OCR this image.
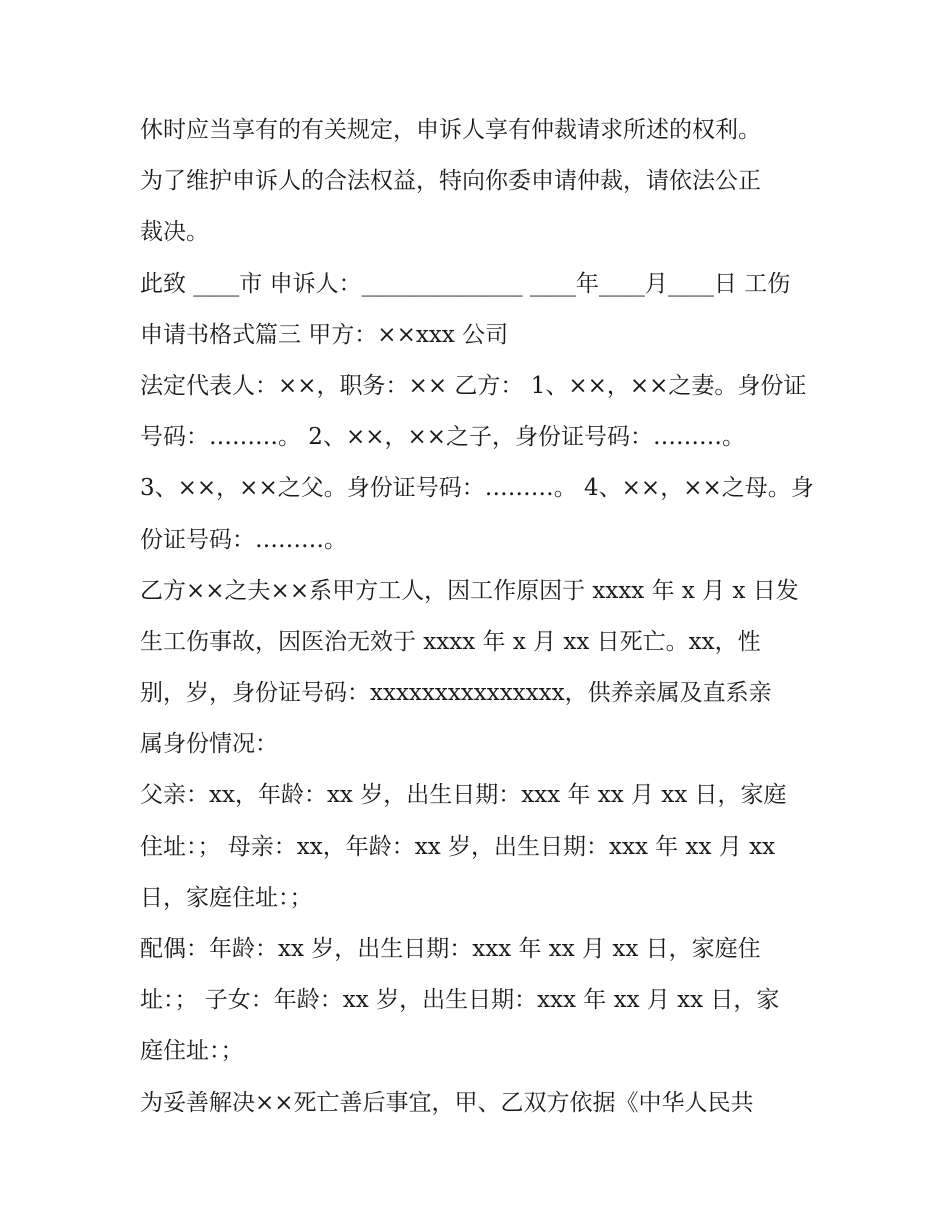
休时应当享有的有关规定，申诉人享有仲裁请求所述的权利。
为了维护申诉人的合法权益，特向你委申请仲裁，请依法公正
裁决。
此致 ____市 申诉人：______________ ____年____月____日 工伤
申请书格式篇三 甲方：××xxx 公司
法定代表人：××，职务：×× 乙方： 1、××，××之妻。身份证
号码：………。 2、××，××之子，身份证号码：………。
3、××，××之父。身份证号码：………。 4、××，××之母。身
份证号码：………。
乙方××之夫××系甲方工人，因工作原因于 xxxx 年 x 月 x 日发
生工伤事故，因医治无效于 xxxx 年 x 月 xx 日死亡。xx，性
别，岁，身份证号码：xxxxxxxxxxxxxxx，供养亲属及直系亲
属身份情况：
父亲：xx，年龄：xx 岁，出生日期：xxx 年 xx 月 xx 日，家庭
住址：； 母亲：xx，年龄：xx 岁，出生日期：xxx 年 xx 月 xx
日，家庭住址：；
配偶：年龄：xx 岁，出生日期：xxx 年 xx 月 xx 日，家庭住
址：； 子女：年龄：xx 岁，出生日期：xxx 年 xx 月 xx 日，家
庭住址：；
为妥善解决××死亡善后事宜，甲、乙双方依据《中华人民共
